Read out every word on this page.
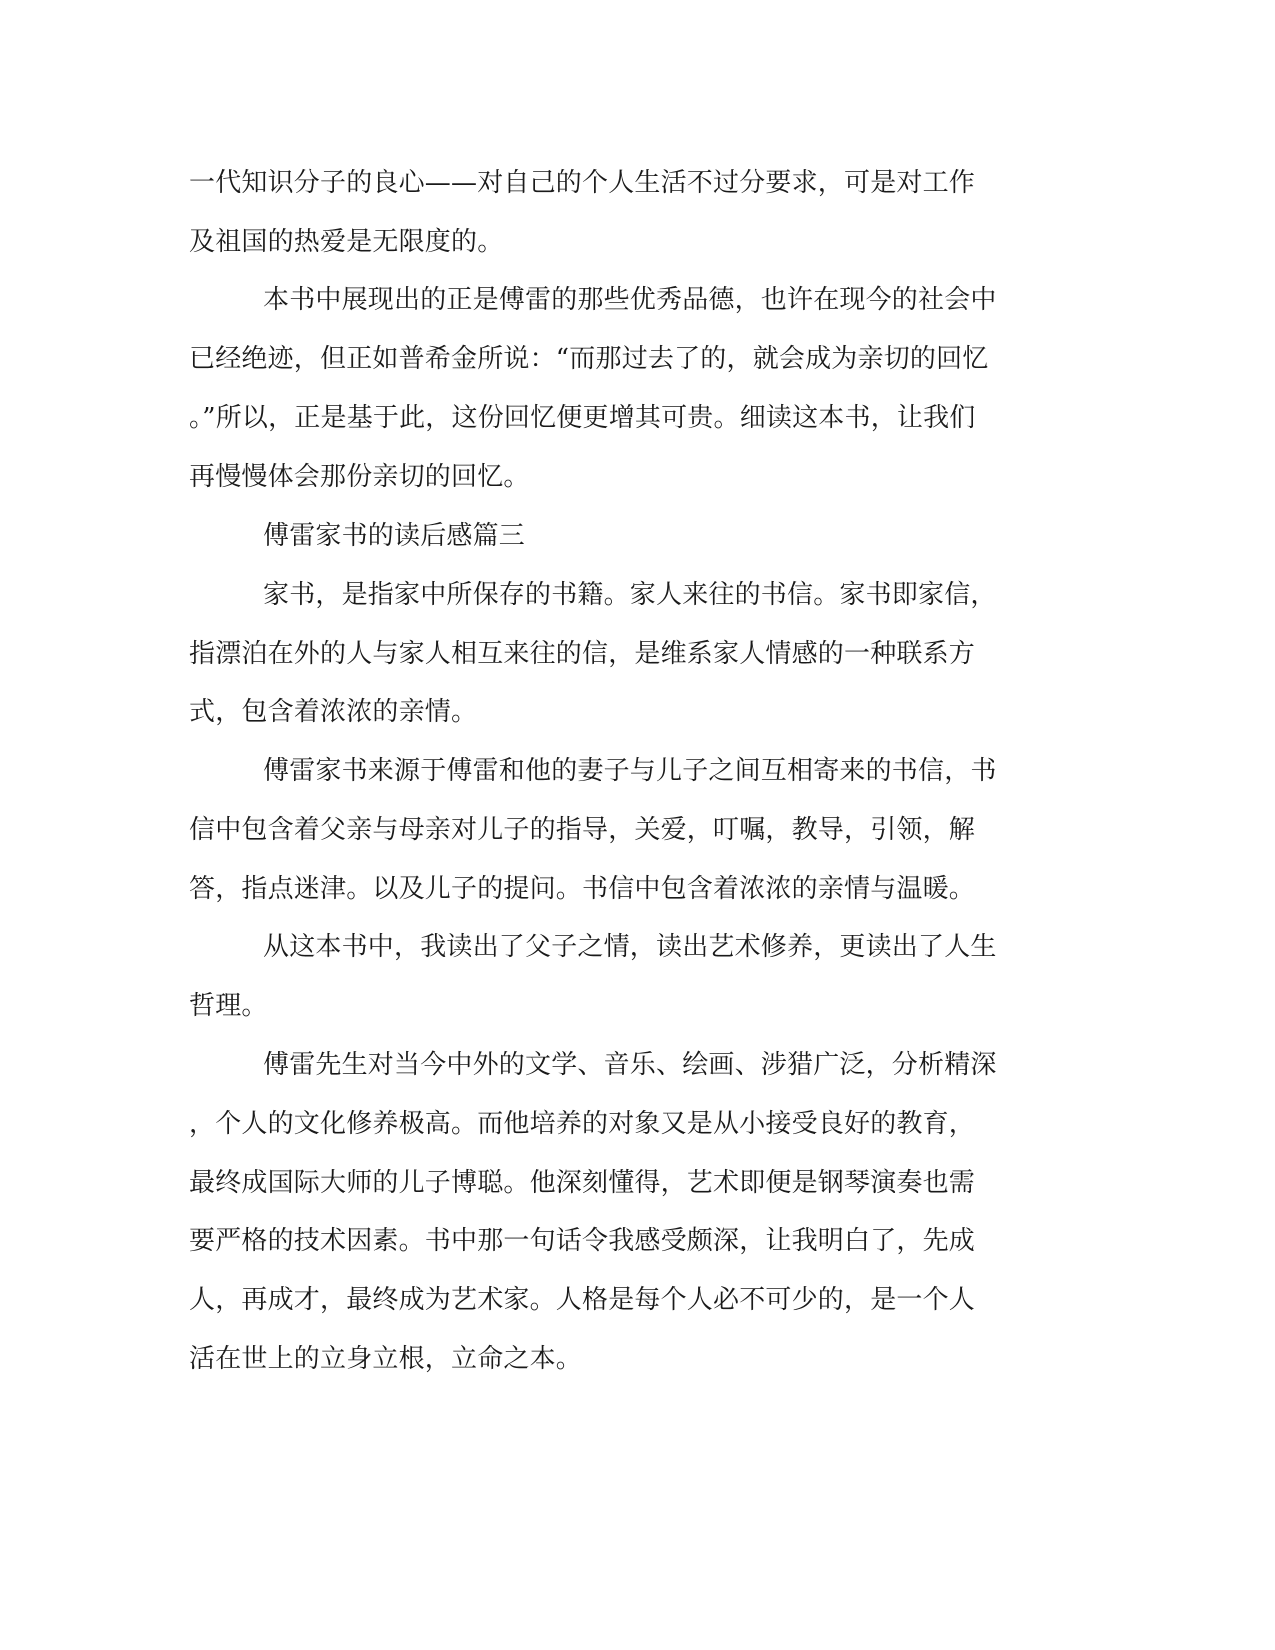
一代知识分子的良心——对自己的个人生活不过分要求，可是对工作
及祖国的热爱是无限度的。
本书中展现出的正是傅雷的那些优秀品德，也许在现今的社会中
已经绝迹，但正如普希金所说：“而那过去了的，就会成为亲切的回忆
。”所以，正是基于此，这份回忆便更增其可贵。细读这本书，让我们
再慢慢体会那份亲切的回忆。
傅雷家书的读后感篇三
家书，是指家中所保存的书籍。家人来往的书信。家书即家信，
指漂泊在外的人与家人相互来往的信，是维系家人情感的一种联系方
式，包含着浓浓的亲情。
傅雷家书来源于傅雷和他的妻子与儿子之间互相寄来的书信，书
信中包含着父亲与母亲对儿子的指导，关爱，叮嘱，教导，引领，解
答，指点迷津。以及儿子的提问。书信中包含着浓浓的亲情与温暖。
从这本书中，我读出了父子之情，读出艺术修养，更读出了人生
哲理。
傅雷先生对当今中外的文学、音乐、绘画、涉猎广泛，分析精深
，个人的文化修养极高。而他培养的对象又是从小接受良好的教育，
最终成国际大师的儿子博聪。他深刻懂得，艺术即便是钢琴演奏也需
要严格的技术因素。书中那一句话令我感受颇深，让我明白了，先成
人，再成才，最终成为艺术家。人格是每个人必不可少的，是一个人
活在世上的立身立根，立命之本。
